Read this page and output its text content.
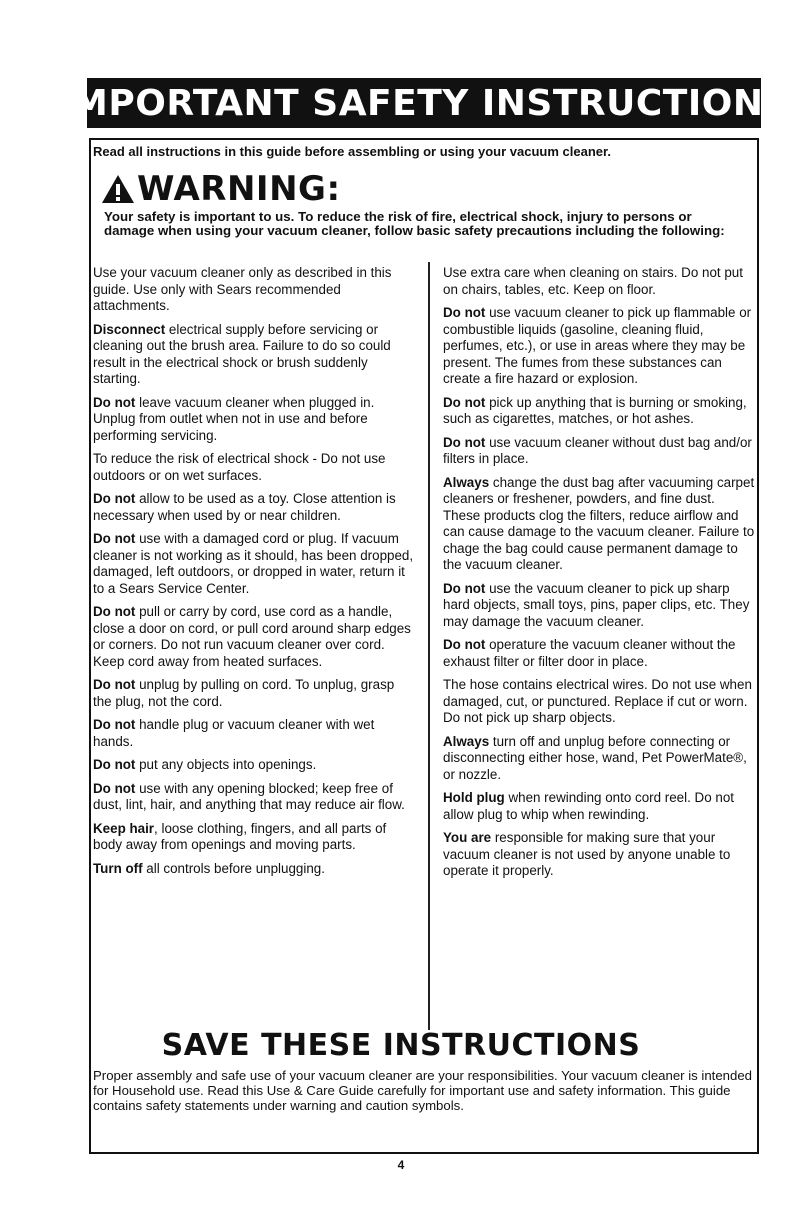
IMPORTANT SAFETY INSTRUCTIONS
Read all instructions in this guide before assembling or using your vacuum cleaner.
WARNING:
Your safety is important to us. To reduce the risk of fire, electrical shock, injury to persons or damage when using your vacuum cleaner, follow basic safety precautions including the following:
Use your vacuum cleaner only as described in this guide. Use only with Sears recommended attachments.
Disconnect electrical supply before servicing or cleaning out the brush area. Failure to do so could result in the electrical shock or brush suddenly starting.
Do not leave vacuum cleaner when plugged in. Unplug from outlet when not in use and before performing servicing.
To reduce the risk of electrical shock - Do not use outdoors or on wet surfaces.
Do not allow to be used as a toy. Close attention is necessary when used by or near children.
Do not use with a damaged cord or plug. If vacuum cleaner is not working as it should, has been dropped, damaged, left outdoors, or dropped in water, return it to a Sears Service Center.
Do not pull or carry by cord, use cord as a handle, close a door on cord, or pull cord around sharp edges or corners. Do not run vacuum cleaner over cord. Keep cord away from heated surfaces.
Do not unplug by pulling on cord. To unplug, grasp the plug, not the cord.
Do not handle plug or vacuum cleaner with wet hands.
Do not put any objects into openings.
Do not use with any opening blocked; keep free of dust, lint, hair, and anything that may reduce air flow.
Keep hair, loose clothing, fingers, and all parts of body away from openings and moving parts.
Turn off all controls before unplugging.
Use extra care when cleaning on stairs. Do not put on chairs, tables, etc. Keep on floor.
Do not use vacuum cleaner to pick up flammable or combustible liquids (gasoline, cleaning fluid, perfumes, etc.), or use in areas where they may be present. The fumes from these substances can create a fire hazard or explosion.
Do not pick up anything that is burning or smoking, such as cigarettes, matches, or hot ashes.
Do not use vacuum cleaner without dust bag and/or filters in place.
Always change the dust bag after vacuuming carpet cleaners or freshener, powders, and fine dust. These products clog the filters, reduce airflow and can cause damage to the vacuum cleaner. Failure to chage the bag could cause permanent damage to the vacuum cleaner.
Do not use the vacuum cleaner to pick up sharp hard objects, small toys, pins, paper clips, etc. They may damage the vacuum cleaner.
Do not operature the vacuum cleaner without the exhaust filter or filter door in place.
The hose contains electrical wires. Do not use when damaged, cut, or punctured. Replace if cut or worn. Do not pick up sharp objects.
Always turn off and unplug before connecting or disconnecting either hose, wand, Pet PowerMate®, or nozzle.
Hold plug when rewinding onto cord reel. Do not allow plug to whip when rewinding.
You are responsible for making sure that your vacuum cleaner is not used by anyone unable to operate it properly.
SAVE THESE INSTRUCTIONS
Proper assembly and safe use of your vacuum cleaner are your responsibilities. Your vacuum cleaner is intended for Household use. Read this Use & Care Guide carefully for important use and safety information. This guide contains safety statements under warning and caution symbols.
4
